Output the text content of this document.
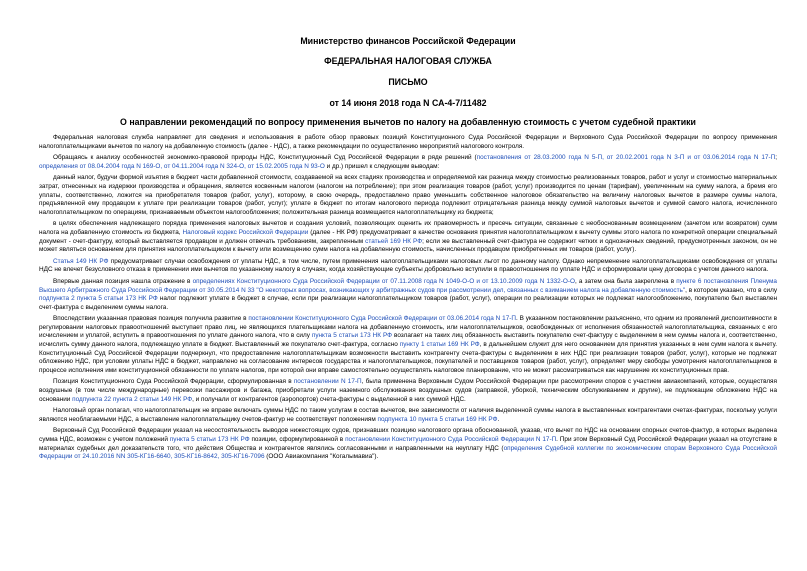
Министерство финансов Российской Федерации
ФЕДЕРАЛЬНАЯ НАЛОГОВАЯ СЛУЖБА
ПИСЬМО
от 14 июня 2018 года N СА-4-7/11482
О направлении рекомендаций по вопросу применения вычетов по налогу на добавленную стоимость с учетом судебной практики

Федеральная налоговая служба направляет для сведения и использования в работе обзор правовых позиций Конституционного Суда Российской Федерации и Верховного Суда Российской Федерации по вопросу применения налогоплательщиками вычетов по налогу на добавленную стоимость (далее - НДС), а также рекомендации по осуществлению мероприятий налогового контроля.

Обращаясь к анализу особенностей экономико-правовой природы НДС, Конституционный Суд Российской Федерации в ряде решений (постановления от 28.03.2000 года N 5-П, от 20.02.2001 года N 3-П и от 03.06.2014 года N 17-П; определения от 08.04.2004 года N 169-О, от 04.11.2004 года N 324-О, от 15.02.2005 года N 93-О и др.) пришел к следующим выводам:

данный налог, будучи формой изъятия в бюджет части добавленной стоимости, создаваемой на всех стадиях производства и определяемой как разница между стоимостью реализованных товаров, работ и услуг и стоимостью материальных затрат, отнесенных на издержки производства и обращения, является косвенным налогом (налогом на потребление); при этом реализация товаров (работ, услуг) производится по ценам (тарифам), увеличенным на сумму налога, а бремя его уплаты, соответственно, ложится на приобретателя товаров (работ, услуг), которому, в свою очередь, предоставлено право уменьшить собственное налоговое обязательство на величину налоговых вычетов в размере суммы налога, предъявленной ему продавцом к уплате при реализации товаров (работ, услуг); уплате в бюджет по итогам налогового периода подлежит отрицательная разница между суммой налоговых вычетов и суммой самого налога, исчисленного налогоплательщиком по операциям, признаваемым объектом налогообложения; положительная разница возмещается налогоплательщику из бюджета;

в целях обеспечения надлежащего порядка применения налоговых вычетов и создания условий, позволяющих оценить их правомерность и пресечь ситуации, связанные с необоснованным возмещением (зачетом или возвратом) сумм налога на добавленную стоимость из бюджета, Налоговый кодекс Российской Федерации (далее - НК РФ) предусматривает в качестве основания принятия налогоплательщиком к вычету суммы этого налога по конкретной операции специальный документ - счет-фактуру, который выставляется продавцом и должен отвечать требованиям, закрепленным статьей 169 НК РФ; если же выставленный счет-фактура не содержит четких и однозначных сведений, предусмотренных законом, он не может являться основанием для принятия налогоплательщиком к вычету или возмещению сумм налога на добавленную стоимость, начисленных продавцом приобретенных им товаров (работ, услуг).

Статья 149 НК РФ предусматривает случаи освобождения от уплаты НДС, в том числе, путем применения налогоплательщиками налоговых льгот по данному налогу. Однако непременение налогоплательщиками освобождения от уплаты НДС не влечет безусловного отказа в применении ими вычетов по указанному налогу в случаях, когда хозяйствующие субъекты добровольно вступили в правоотношения по уплате НДС и сформировали цену договора с учетом данного налога.

Впервые данная позиция нашла отражение в определениях Конституционного Суда Российской Федерации от 07.11.2008 года N 1049-О-О и от 13.10.2009 года N 1332-О-О, а затем она была закреплена в пункте 6 постановления Пленума Высшего Арбитражного Суда Российской Федерации от 30.05.2014 N 33 "О некоторых вопросах, возникающих у арбитражных судов при рассмотрении дел, связанных с взиманием налога на добавленную стоимость", в котором указано, что в силу подпункта 2 пункта 5 статьи 173 НК РФ налог подлежит уплате в бюджет в случае, если при реализации налогоплательщиком товаров (работ, услуг), операции по реализации которых не подлежат налогообложению, покупателю был выставлен счет-фактура с выделением суммы налога.

Впоследствии указанная правовая позиция получила развитие в постановлении Конституционного Суда Российской Федерации от 03.06.2014 года N 17-П. В указанном постановлении разъяснено, что одним из проявлений диспозитивности в регулировании налоговых правоотношений выступает право лиц, не являющихся плательщиками налога на добавленную стоимость, или налогоплательщиков, освобожденных от исполнения обязанностей налогоплательщика, связанных с его исчислением и уплатой, вступить в правоотношения по уплате данного налога, что в силу пункта 5 статьи 173 НК РФ возлагает на таких лиц обязанность выставить покупателю счет-фактуру с выделением в нем суммы налога и, соответственно, исчислить сумму данного налога, подлежащую уплате в бюджет. Выставленный же покупателю счет-фактура, согласно пункту 1 статьи 169 НК РФ, в дальнейшем служит для него основанием для принятия указанных в нем сумм налога к вычету. Конституционный Суд Российской Федерации подчеркнул, что предоставление налогоплательщикам возможности выставить контрагенту счета-фактуры с выделением в них НДС при реализации товаров (работ, услуг), которые не подлежат обложению НДС, при условии уплаты НДС в бюджет, направлено на согласование интересов государства и налогоплательщиков, покупателей и поставщиков товаров (работ, услуг), определяет меру свободы усмотрения налогоплательщиков в процессе исполнения ими конституционной обязанности по уплате налогов, при которой они вправе самостоятельно осуществлять налоговое планирование, что не может рассматриваться как нарушение их конституционных прав.

Позиция Конституционного Суда Российской Федерации, сформулированная в постановлении N 17-П, была применена Верховным Судом Российской Федерации при рассмотрении споров с участием авиакомпаний, которые, осуществляя воздушные (в том числе международные) перевозки пассажиров и багажа, приобретали услуги наземного обслуживания воздушных судов (заправкой, уборкой, техническим обслуживанием и другие), не подлежащие обложению НДС на основании подпункта 22 пункта 2 статьи 149 НК РФ, и получали от контрагентов (аэропортов) счета-фактуры с выделенной в них суммой НДС.

Налоговый орган полагал, что налогоплательщик не вправе включать суммы НДС по таким услугам в состав вычетов, вне зависимости от наличия выделенной суммы налога в выставленных контрагентами счетах-фактурах, поскольку услуги являются необлагаемыми НДС, а выставление налогоплательщику счетов-фактур не соответствует положениям подпункта 10 пункта 5 статьи 169 НК РФ.

Верховный Суд Российской Федерации указал на несостоятельность выводов нижестоящих судов, признавших позицию налогового органа обоснованной, указав, что вычет по НДС на основании спорных счетов-фактур, в которых выделена сумма НДС, возможен с учетом положений пункта 5 статьи 173 НК РФ позиции, сформулированной в постановлении Конституционного Суда Российской Федерации N 17-П. При этом Верховный Суд Российской Федерации указал на отсутствие в материалах судебных дел доказательств того, что действия Общества и контрагентов являлись согласованными и направленными на неуплату НДС (определения Судебной коллегии по экономическим спорам Верховного Суда Российской Федерации от 24.10.2016 NN 305-КГ16-6640, 305-КГ16-8642, 305-КГ16-7096 (ООО Авиакомпания "Когалымавиа").
